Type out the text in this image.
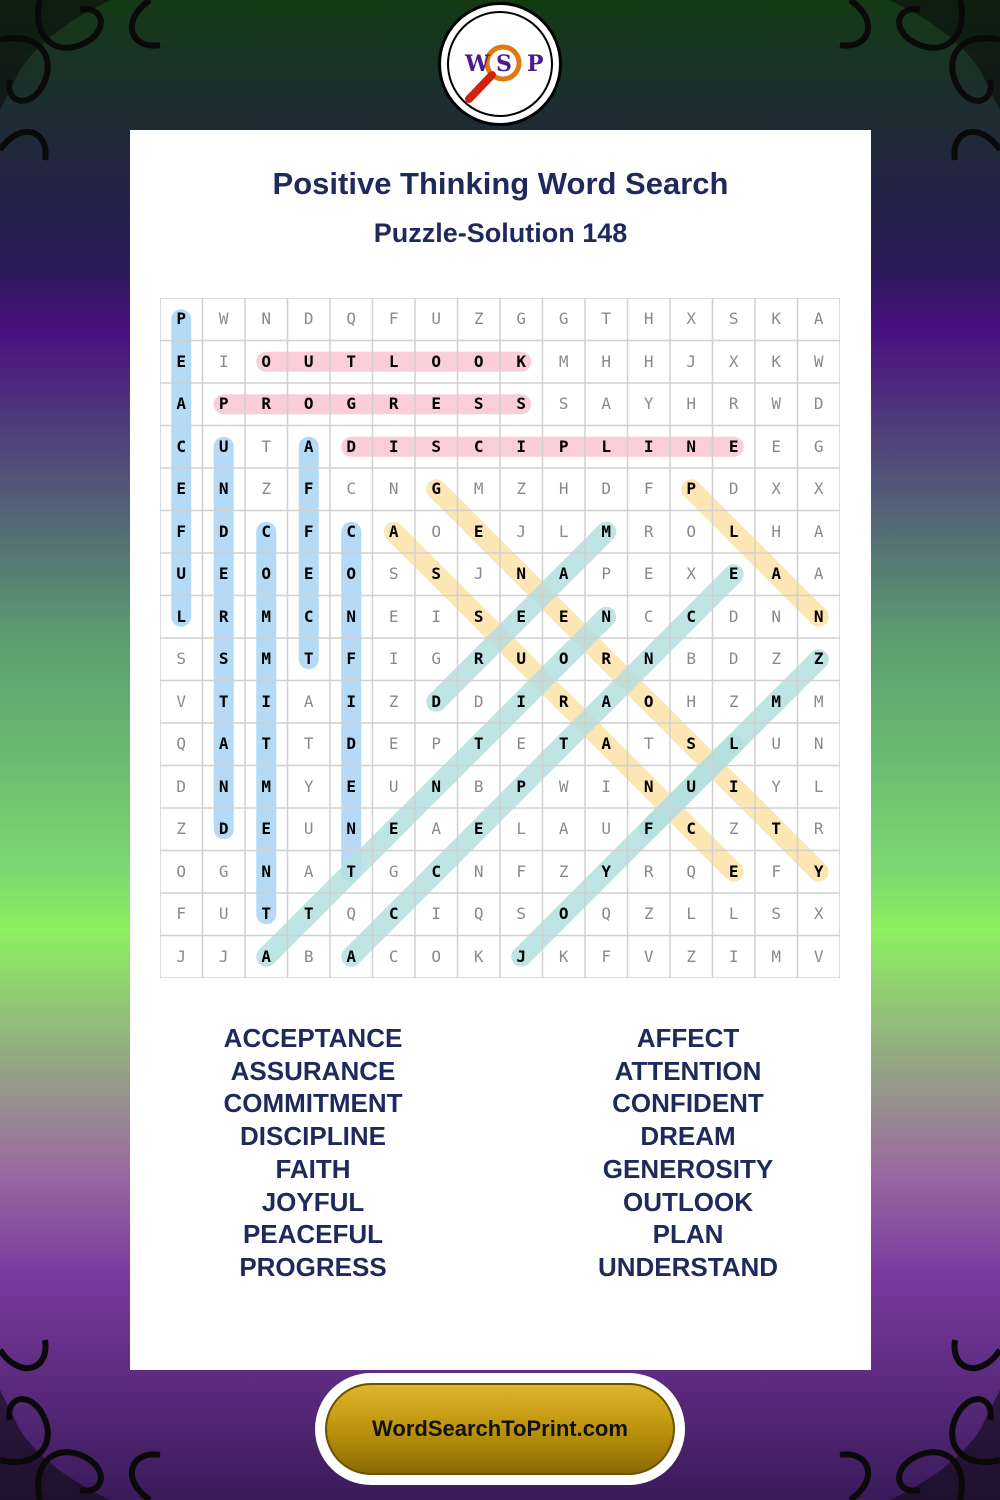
W S P
Positive Thinking Word Search
Puzzle-Solution 148
P	W	N	D	Q	F	U	Z	G	G	T	H	X	S	K	A
E	I	O	U	T	L	O	O	K	M	H	H	J	X	K	W
A	P	R	O	G	R	E	S	S	S	A	Y	H	R	W	D
C	U	T	A	D	I	S	C	I	P	L	I	N	E	E	G
E	N	Z	F	C	N	G	M	Z	H	D	F	P	D	X	X
F	D	C	F	C	A	O	E	J	L	M	R	O	L	H	A
U	E	O	E	O	S	S	J	N	A	P	E	X	E	A	A
L	R	M	C	N	E	I	S	E	E	N	C	C	D	N	N
S	S	M	T	F	I	G	R	U	O	R	N	B	D	Z	Z
V	T	I	A	I	Z	D	D	I	R	A	O	H	Z	M	M
Q	A	T	T	D	E	P	T	E	T	A	T	S	L	U	N
D	N	M	Y	E	U	N	B	P	W	I	N	U	I	Y	L
Z	D	E	U	N	E	A	E	L	A	U	F	C	Z	T	R
O	G	N	A	T	G	C	N	F	Z	Y	R	Q	E	F	Y
F	U	T	T	Q	C	I	Q	S	O	Q	Z	L	L	S	X
J	J	A	B	A	C	O	K	J	K	F	V	Z	I	M	V
ACCEPTANCE
ASSURANCE
COMMITMENT
DISCIPLINE
FAITH
JOYFUL
PEACEFUL
PROGRESS
AFFECT
ATTENTION
CONFIDENT
DREAM
GENEROSITY
OUTLOOK
PLAN
UNDERSTAND
WordSearchToPrint.com
